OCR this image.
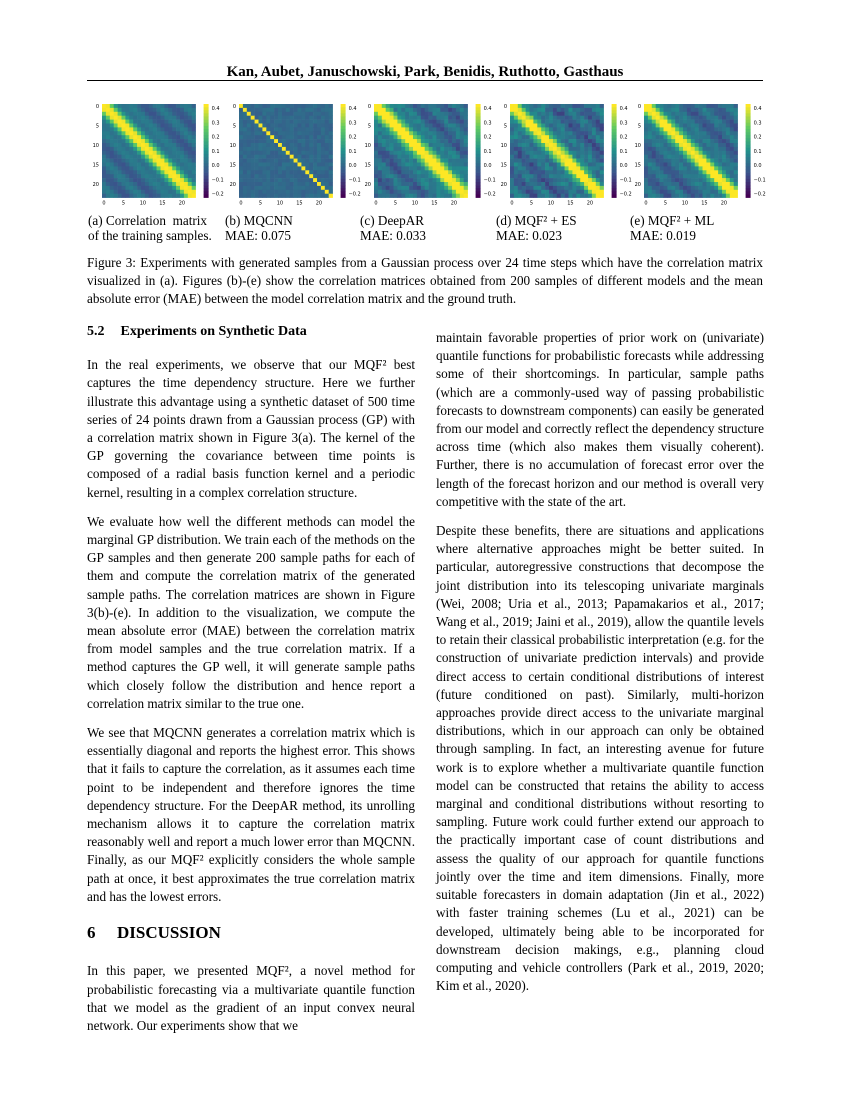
Kan, Aubet, Januschowski, Park, Benidis, Ruthotto, Gasthaus
0
0
5
5
10
10
15
15
20
20
0.4
0.3
0.2
0.1
0.0
−0.1
−0.2
0
0
5
5
10
10
15
15
20
20
0.4
0.3
0.2
0.1
0.0
−0.1
−0.2
0
0
5
5
10
10
15
15
20
20
0.4
0.3
0.2
0.1
0.0
−0.1
−0.2
0
0
5
5
10
10
15
15
20
20
0.4
0.3
0.2
0.1
0.0
−0.1
−0.2
0
0
5
5
10
10
15
15
20
20
0.4
0.3
0.2
0.1
0.0
−0.1
−0.2
(a) Correlation  matrix
of the training samples.
(b) MQCNN
MAE: 0.075
(c) DeepAR
MAE: 0.033
(d) MQF² + ES
MAE: 0.023
(e) MQF² + ML
MAE: 0.019
Figure 3: Experiments with generated samples from a Gaussian process over 24 time steps which have the correlation matrix visualized in (a). Figures (b)-(e) show the correlation matrices obtained from 200 samples of different models and the mean absolute error (MAE) between the model correlation matrix and the ground truth.
5.2 Experiments on Synthetic Data

In the real experiments, we observe that our MQF² best captures the time dependency structure. Here we further illustrate this advantage using a synthetic dataset of 500 time series of 24 points drawn from a Gaussian process (GP) with a correlation matrix shown in Figure 3(a). The kernel of the GP governing the covariance between time points is composed of a radial basis function kernel and a periodic kernel, resulting in a complex correlation structure.

We evaluate how well the different methods can model the marginal GP distribution. We train each of the methods on the GP samples and then generate 200 sample paths for each of them and compute the correlation matrix of the generated sample paths. The correlation matrices are shown in Figure 3(b)-(e). In addition to the visualization, we compute the mean absolute error (MAE) between the correlation matrix from model samples and the true correlation matrix. If a method captures the GP well, it will generate sample paths which closely follow the distribution and hence report a correlation matrix similar to the true one.

We see that MQCNN generates a correlation matrix which is essentially diagonal and reports the highest error. This shows that it fails to capture the correlation, as it assumes each time point to be independent and therefore ignores the time dependency structure. For the DeepAR method, its unrolling mechanism allows it to capture the correlation matrix reasonably well and report a much lower error than MQCNN. Finally, as our MQF² explicitly considers the whole sample path at once, it best approximates the true correlation matrix and has the lowest errors.

6 DISCUSSION

In this paper, we presented MQF², a novel method for probabilistic forecasting via a multivariate quantile function that we model as the gradient of an input convex neural network. Our experiments show that we

maintain favorable properties of prior work on (univariate) quantile functions for probabilistic forecasts while addressing some of their shortcomings. In particular, sample paths (which are a commonly-used way of passing probabilistic forecasts to downstream components) can easily be generated from our model and correctly reflect the dependency structure across time (which also makes them visually coherent). Further, there is no accumulation of forecast error over the length of the forecast horizon and our method is overall very competitive with the state of the art.

Despite these benefits, there are situations and applications where alternative approaches might be better suited. In particular, autoregressive constructions that decompose the joint distribution into its telescoping univariate marginals (Wei, 2008; Uria et al., 2013; Papamakarios et al., 2017; Wang et al., 2019; Jaini et al., 2019), allow the quantile levels to retain their classical probabilistic interpretation (e.g. for the construction of univariate prediction intervals) and provide direct access to certain conditional distributions of interest (future conditioned on past). Similarly, multi-horizon approaches provide direct access to the univariate marginal distributions, which in our approach can only be obtained through sampling. In fact, an interesting avenue for future work is to explore whether a multivariate quantile function model can be constructed that retains the ability to access marginal and conditional distributions without resorting to sampling. Future work could further extend our approach to the practically important case of count distributions and assess the quality of our approach for quantile functions jointly over the time and item dimensions. Finally, more suitable forecasters in domain adaptation (Jin et al., 2022) with faster training schemes (Lu et al., 2021) can be developed, ultimately being able to be incorporated for downstream decision makings, e.g., planning cloud computing and vehicle controllers (Park et al., 2019, 2020; Kim et al., 2020).
